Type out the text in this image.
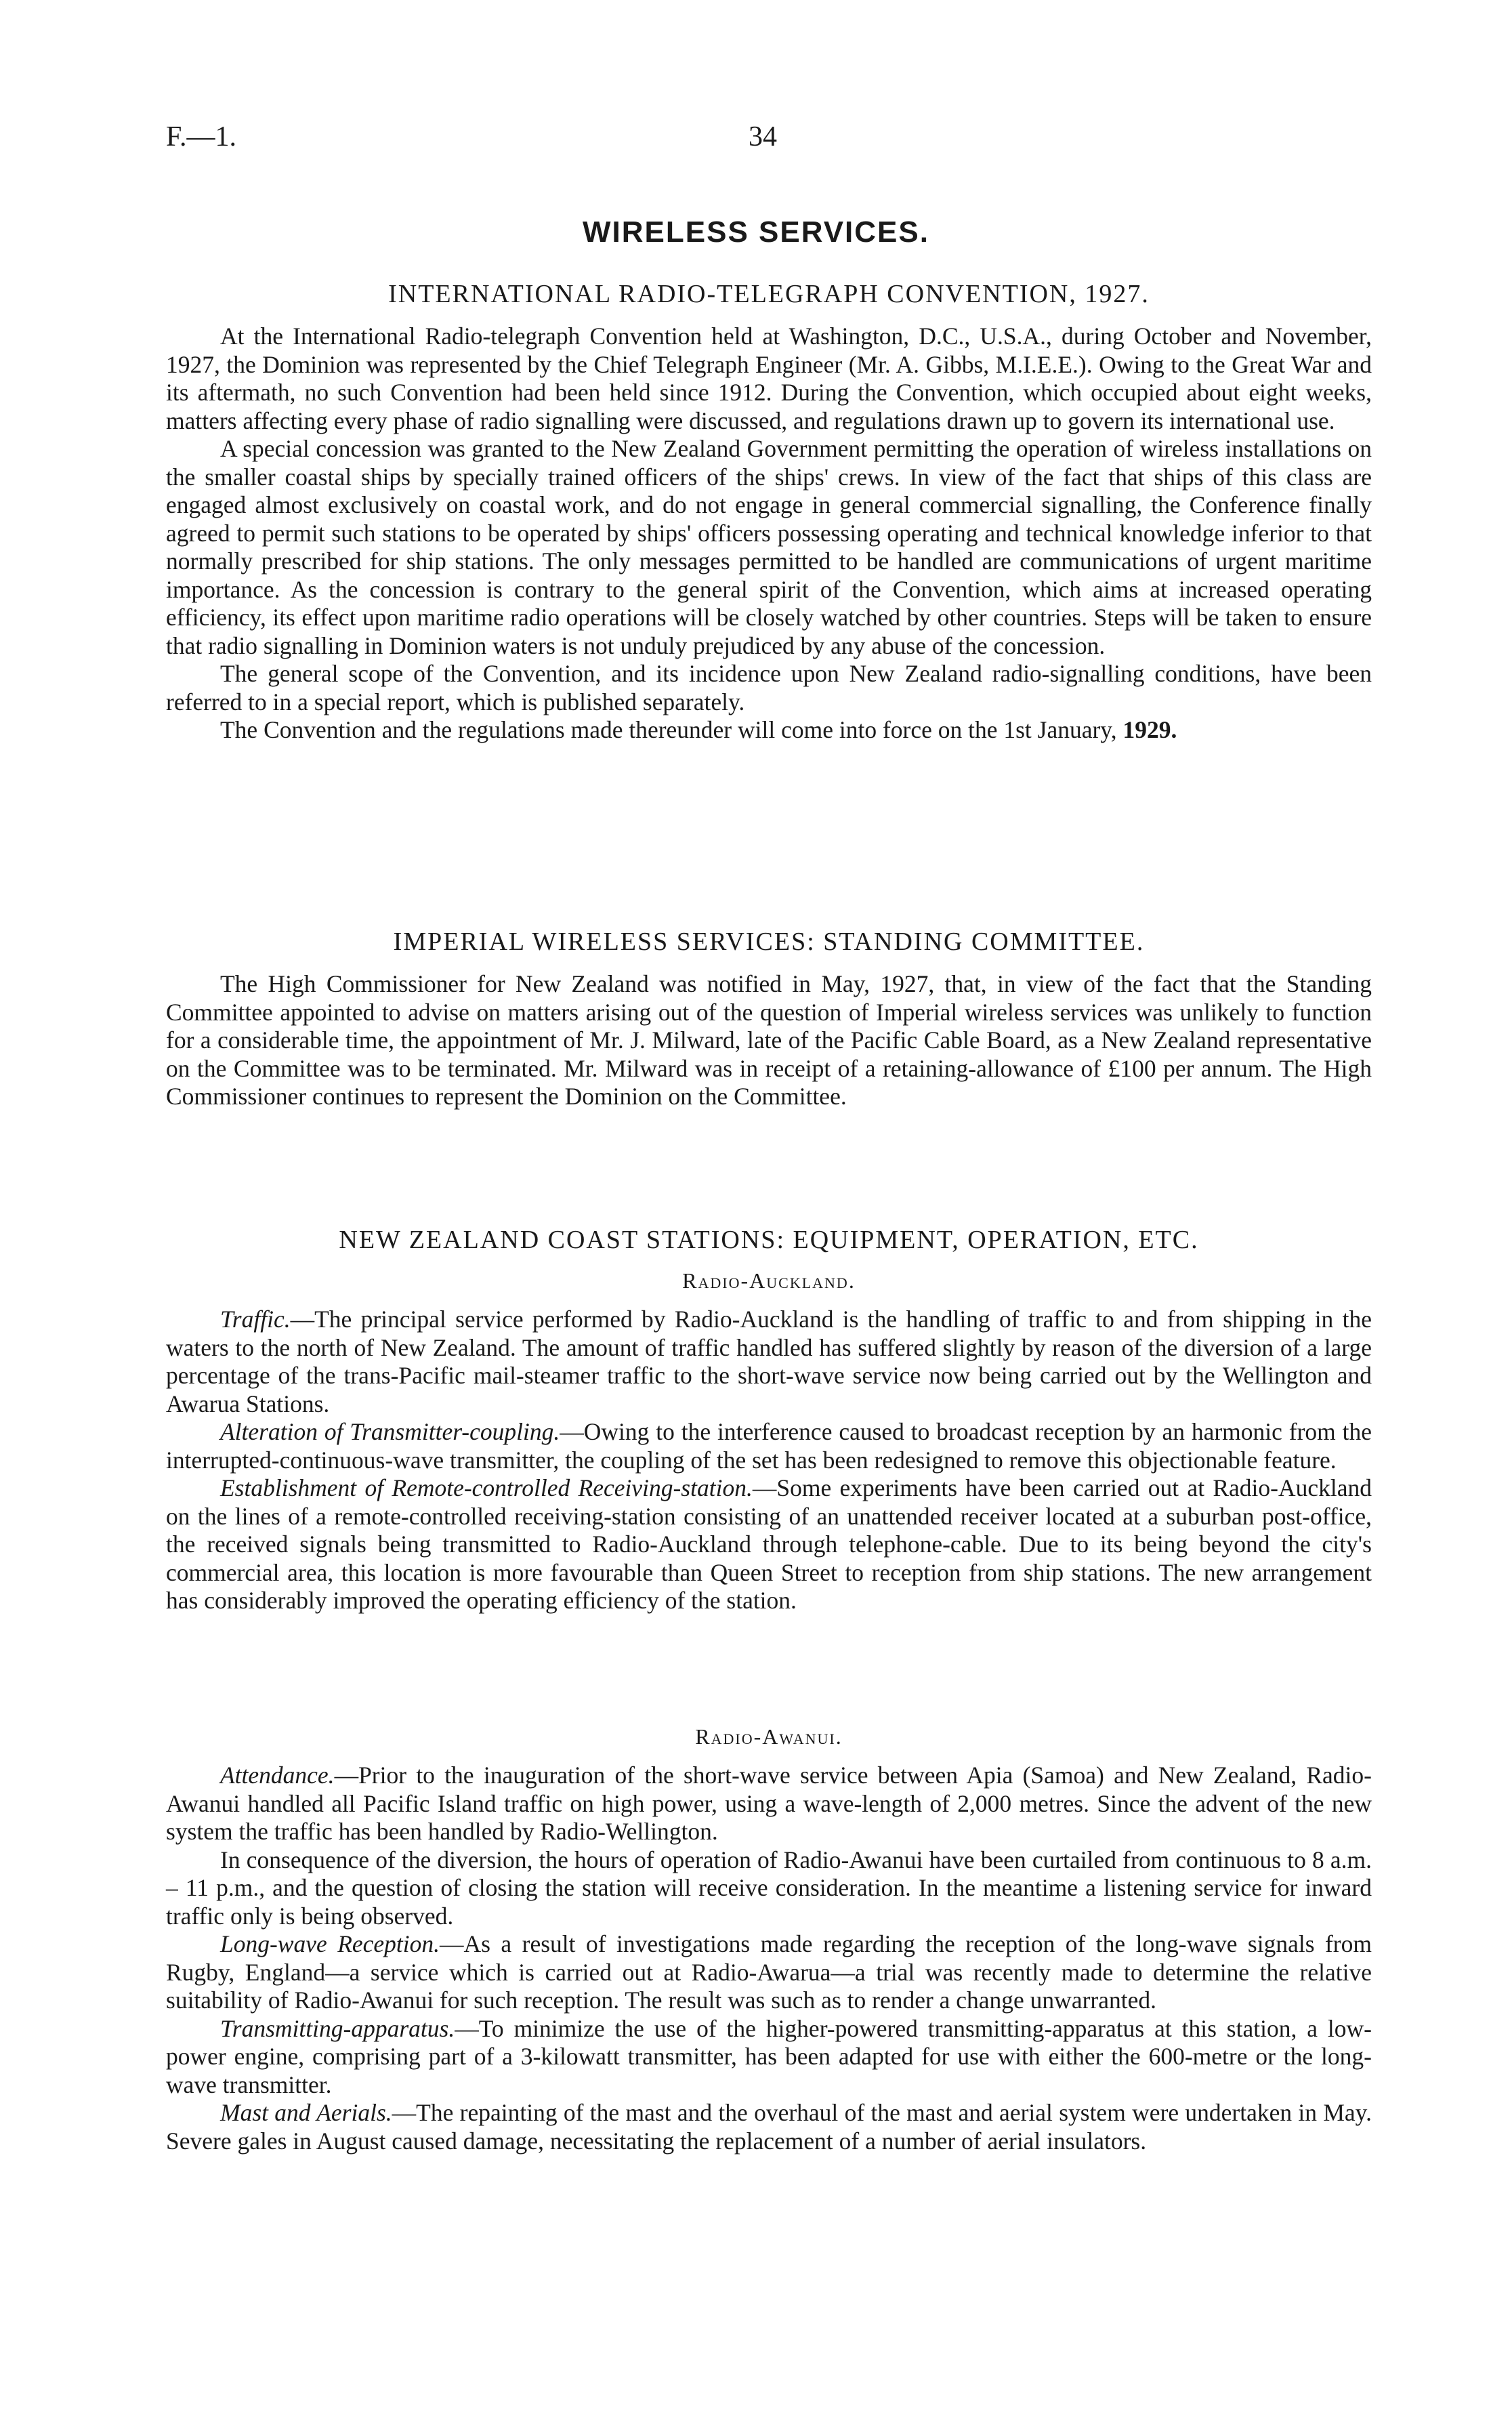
F.—1.	34
WIRELESS SERVICES.
INTERNATIONAL RADIO-TELEGRAPH CONVENTION, 1927.

At the International Radio-telegraph Convention held at Washington, D.C., U.S.A., during October and November, 1927, the Dominion was represented by the Chief Telegraph Engineer (Mr. A. Gibbs, M.I.E.E.). Owing to the Great War and its aftermath, no such Convention had been held since 1912. During the Convention, which occupied about eight weeks, matters affecting every phase of radio signalling were discussed, and regulations drawn up to govern its international use.

A special concession was granted to the New Zealand Government permitting the operation of wireless installations on the smaller coastal ships by specially trained officers of the ships' crews. In view of the fact that ships of this class are engaged almost exclusively on coastal work, and do not engage in general commercial signalling, the Conference finally agreed to permit such stations to be operated by ships' officers possessing operating and technical knowledge inferior to that normally prescribed for ship stations. The only messages permitted to be handled are communications of urgent maritime importance. As the concession is contrary to the general spirit of the Convention, which aims at increased operating efficiency, its effect upon maritime radio operations will be closely watched by other countries. Steps will be taken to ensure that radio signalling in Dominion waters is not unduly prejudiced by any abuse of the concession.

The general scope of the Convention, and its incidence upon New Zealand radio-signalling conditions, have been referred to in a special report, which is published separately.

The Convention and the regulations made thereunder will come into force on the 1st January, 1929.

IMPERIAL WIRELESS SERVICES: STANDING COMMITTEE.

The High Commissioner for New Zealand was notified in May, 1927, that, in view of the fact that the Standing Committee appointed to advise on matters arising out of the question of Imperial wireless services was unlikely to function for a considerable time, the appointment of Mr. J. Milward, late of the Pacific Cable Board, as a New Zealand representative on the Committee was to be terminated. Mr. Milward was in receipt of a retaining-allowance of £100 per annum. The High Commissioner continues to represent the Dominion on the Committee.

NEW ZEALAND COAST STATIONS: EQUIPMENT, OPERATION, ETC.
Radio-Auckland.

Traffic.—The principal service performed by Radio-Auckland is the handling of traffic to and from shipping in the waters to the north of New Zealand. The amount of traffic handled has suffered slightly by reason of the diversion of a large percentage of the trans-Pacific mail-steamer traffic to the short-wave service now being carried out by the Wellington and Awarua Stations.

Alteration of Transmitter-coupling.—Owing to the interference caused to broadcast reception by an harmonic from the interrupted-continuous-wave transmitter, the coupling of the set has been redesigned to remove this objectionable feature.

Establishment of Remote-controlled Receiving-station.—Some experiments have been carried out at Radio-Auckland on the lines of a remote-controlled receiving-station consisting of an unattended receiver located at a suburban post-office, the received signals being transmitted to Radio-Auckland through telephone-cable. Due to its being beyond the city's commercial area, this location is more favourable than Queen Street to reception from ship stations. The new arrangement has considerably improved the operating efficiency of the station.

Radio-Awanui.

Attendance.—Prior to the inauguration of the short-wave service between Apia (Samoa) and New Zealand, Radio-Awanui handled all Pacific Island traffic on high power, using a wave-length of 2,000 metres. Since the advent of the new system the traffic has been handled by Radio-Wellington.

In consequence of the diversion, the hours of operation of Radio-Awanui have been curtailed from continuous to 8 a.m. – 11 p.m., and the question of closing the station will receive consideration. In the meantime a listening service for inward traffic only is being observed.

Long-wave Reception.—As a result of investigations made regarding the reception of the long-wave signals from Rugby, England—a service which is carried out at Radio-Awarua—a trial was recently made to determine the relative suitability of Radio-Awanui for such reception. The result was such as to render a change unwarranted.

Transmitting-apparatus.—To minimize the use of the higher-powered transmitting-apparatus at this station, a low-power engine, comprising part of a 3-kilowatt transmitter, has been adapted for use with either the 600-metre or the long-wave transmitter.

Mast and Aerials.—The repainting of the mast and the overhaul of the mast and aerial system were undertaken in May. Severe gales in August caused damage, necessitating the replacement of a number of aerial insulators.
